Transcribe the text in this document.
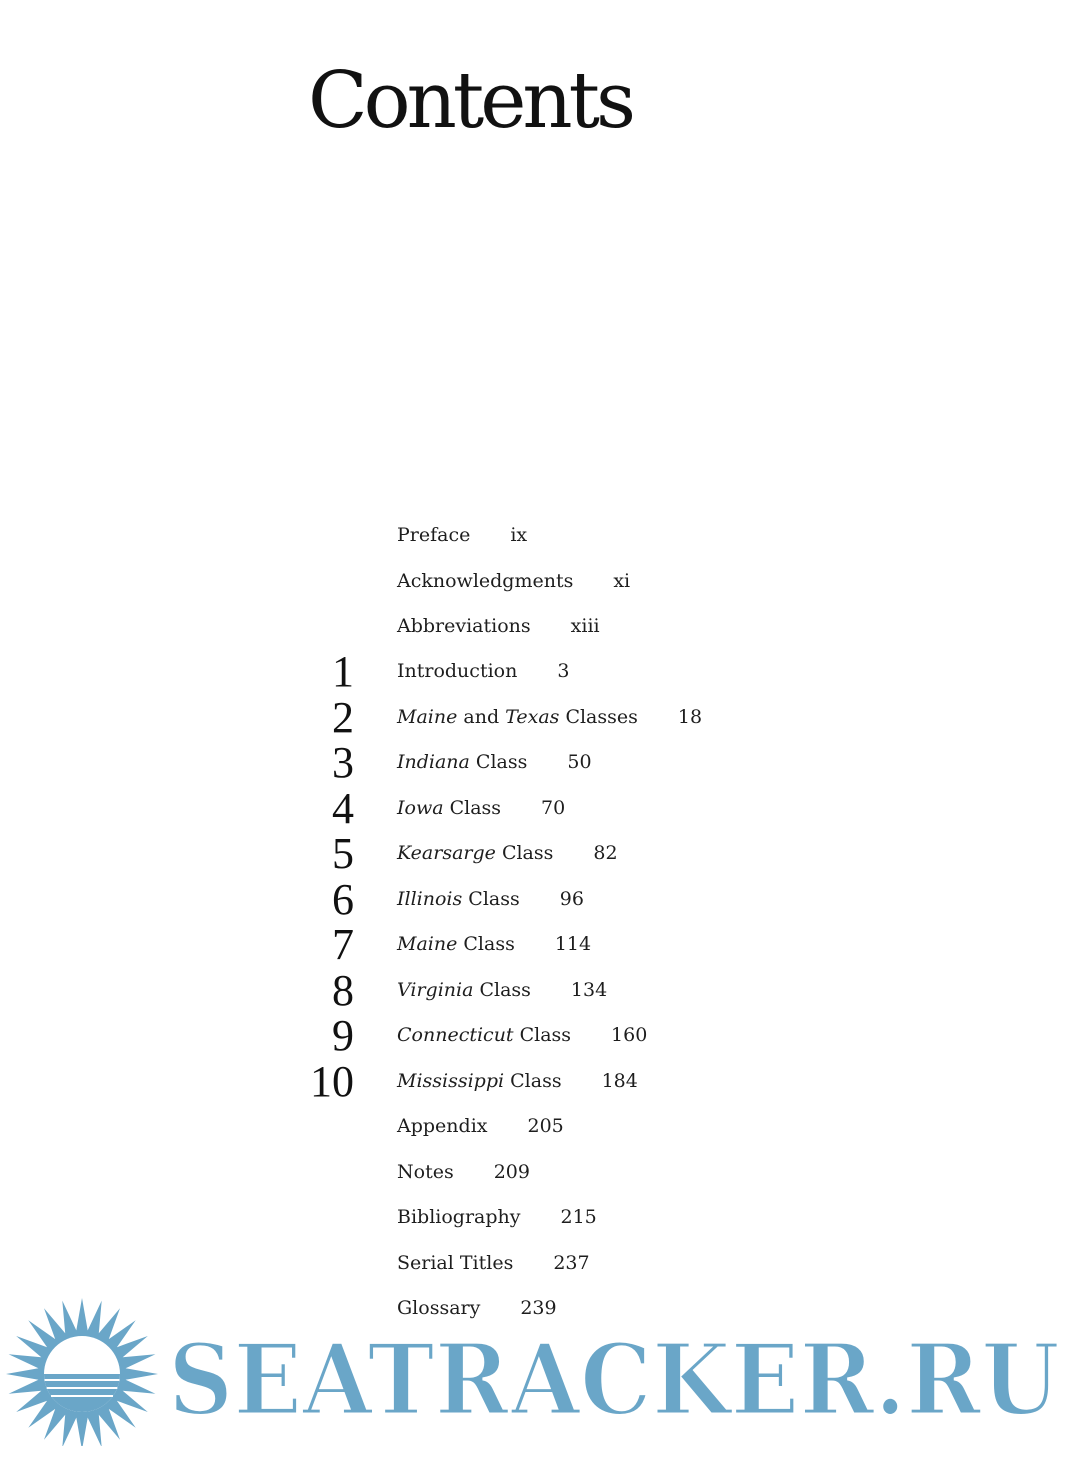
Contents
Preface ix
Acknowledgments xi
Abbreviations xiii
1 Introduction 3
2 Maine and Texas Classes 18
3 Indiana Class 50
4 Iowa Class 70
5 Kearsarge Class 82
6 Illinois Class 96
7 Maine Class 114
8 Virginia Class 134
9 Connecticut Class 160
10 Mississippi Class 184
Appendix 205
Notes 209
Bibliography 215
Serial Titles 237
Glossary 239
SEATRACKER.RU
